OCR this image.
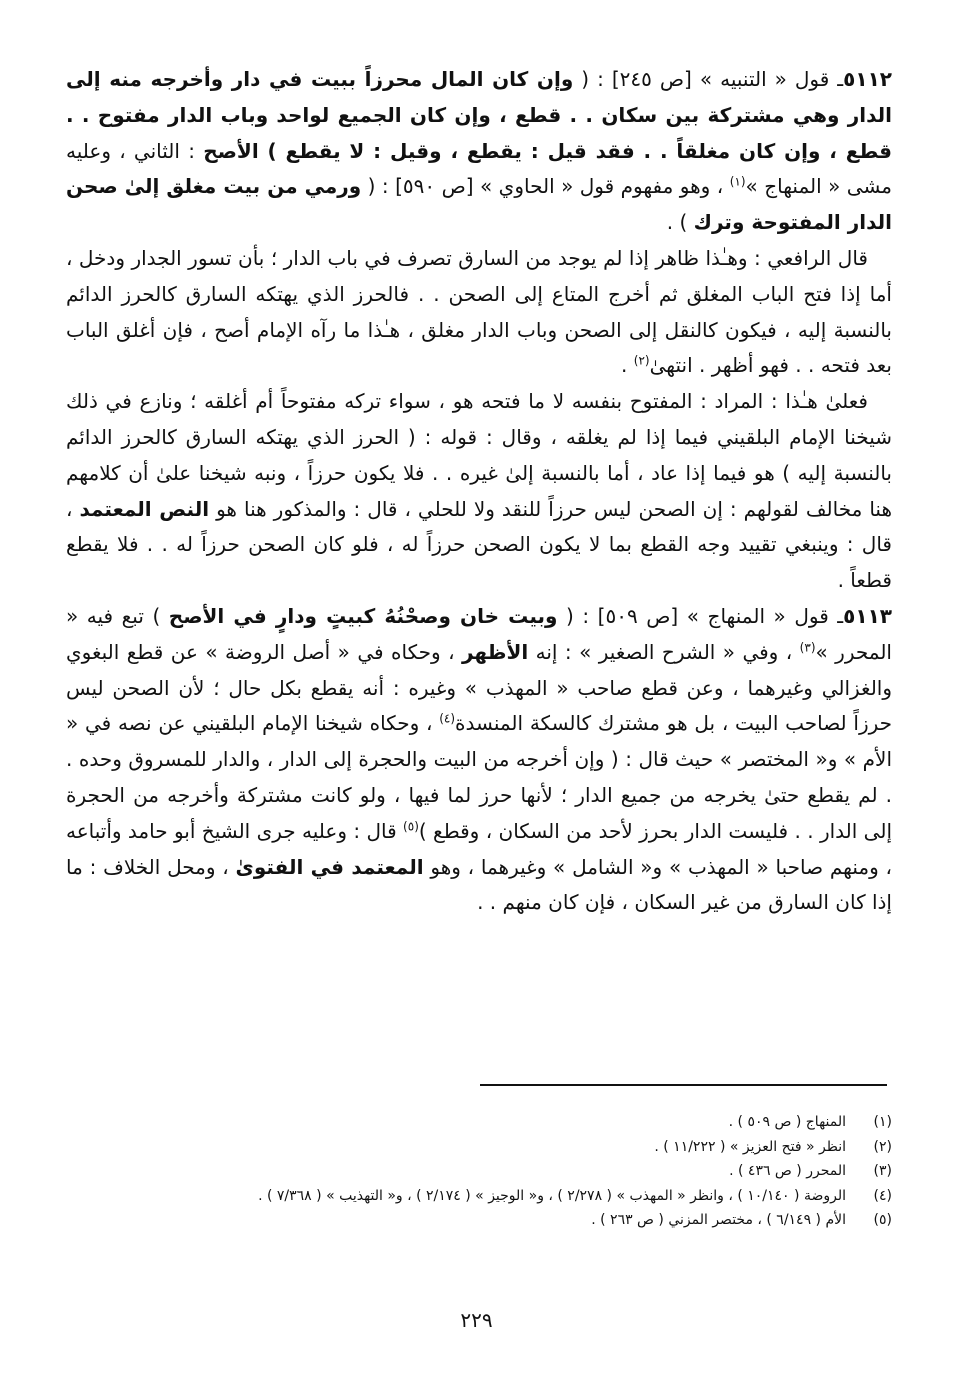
٥١١٢ـ قول « التنبيه » [ص ٢٤٥] : ( وإن كان المال محرزاً ببيت في دار وأخرجه منه إلى الدار وهي مشتركة بين سكان . . قطع ، وإن كان الجميع لواحد وباب الدار مفتوح . . قطع ، وإن كان مغلقاً . . فقد قيل : يقطع ، وقيل : لا يقطع ) الأصح : الثاني ، وعليه مشى « المنهاج »$^{(١)}$ ، وهو مفهوم قول « الحاوي » [ص ٥٩٠] : ( ورمي من بيت مغلق إلىٰ صحن الدار المفتوحة وترك ) .

قال الرافعي : وهـٰذا ظاهر إذا لم يوجد من السارق تصرف في باب الدار ؛ بأن تسور الجدار ودخل ، أما إذا فتح الباب المغلق ثم أخرج المتاع إلى الصحن . . فالحرز الذي يهتكه السارق كالحرز الدائم بالنسبة إليه ، فيكون كالنقل إلى الصحن وباب الدار مغلق ، هـٰذا ما رآه الإمام أصح ، فإن أغلق الباب بعد فتحه . . فهو أظهر . انتهىٰ$^{(٢)}$ .

فعلىٰ هـٰذا : المراد : المفتوح بنفسه لا ما فتحه هو ، سواء تركه مفتوحاً أم أغلقه ؛ ونازع في ذلك شيخنا الإمام البلقيني فيما إذا لم يغلقه ، وقال : قوله : ( الحرز الذي يهتكه السارق كالحرز الدائم بالنسبة إليه ) هو فيما إذا عاد ، أما بالنسبة إلىٰ غيره . . فلا يكون حرزاً ، ونبه شيخنا علىٰ أن كلامهم هنا مخالف لقولهم : إن الصحن ليس حرزاً للنقد ولا للحلي ، قال : والمذكور هنا هو النص المعتمد ، قال : وينبغي تقييد وجه القطع بما لا يكون الصحن حرزاً له ، فلو كان الصحن حرزاً له . . فلا يقطع قطعاً .

٥١١٣ـ قول « المنهاج » [ص ٥٠٩] : ( وبيت خان وصحْنُهُ كبيتٍ ودارٍ في الأصح ) تبع فيه « المحرر »$^{(٣)}$ ، وفي « الشرح الصغير » : إنه الأظهر ، وحكاه في « أصل الروضة » عن قطع البغوي والغزالي وغيرهما ، وعن قطع صاحب « المهذب » وغيره : أنه يقطع بكل حال ؛ لأن الصحن ليس حرزاً لصاحب البيت ، بل هو مشترك كالسكة المنسدة$^{(٤)}$ ، وحكاه شيخنا الإمام البلقيني عن نصه في « الأم » و« المختصر » حيث قال : ( وإن أخرجه من البيت والحجرة إلى الدار ، والدار للمسروق وحده . . لم يقطع حتىٰ يخرجه من جميع الدار ؛ لأنها حرز لما فيها ، ولو كانت مشتركة وأخرجه من الحجرة إلى الدار . . فليست الدار بحرز لأحد من السكان ، وقطع )$^{(٥)}$ قال : وعليه جرى الشيخ أبو حامد وأتباعه ، ومنهم صاحبا « المهذب » و« الشامل » وغيرهما ، وهو المعتمد في الفتوىٰ ، ومحل الخلاف : ما إذا كان السارق من غير السكان ، فإن كان منهم . .

(١)
المنهاج ( ص ٥٠٩ ) .
(٢)
انظر « فتح العزيز » ( ١١/٢٢٢ ) .
(٣)
المحرر ( ص ٤٣٦ ) .
(٤)
الروضة ( ١٠/١٤٠ ) ، وانظر « المهذب » ( ٢/٢٧٨ ) ، و« الوجيز » ( ٢/١٧٤ ) ، و« التهذيب » ( ٧/٣٦٨ ) .
(٥)
الأم ( ٦/١٤٩ ) ، مختصر المزني ( ص ٢٦٣ ) .
٢٢٩
